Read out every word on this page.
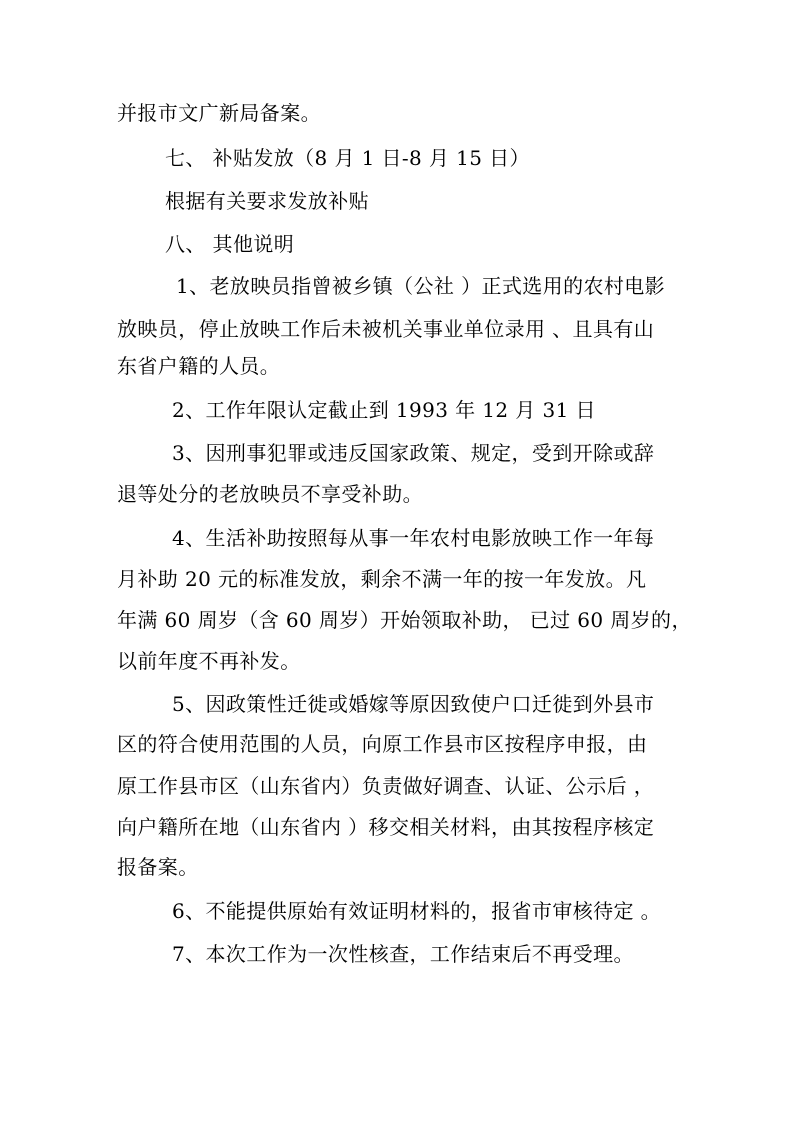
并报市文广新局备案。
七、 补贴发放（8 月 1 日-8 月 15 日）
根据有关要求发放补贴
八、 其他说明
1、老放映员指曾被乡镇（公社 ）正式选用的农村电影
放映员，停止放映工作后未被机关事业单位录用 、且具有山
东省户籍的人员。
2、工作年限认定截止到 1993 年 12 月 31 日
3、因刑事犯罪或违反国家政策、规定，受到开除或辞
退等处分的老放映员不享受补助。
4、生活补助按照每从事一年农村电影放映工作一年每
月补助 20 元的标准发放，剩余不满一年的按一年发放。凡
年满 60 周岁（含 60 周岁）开始领取补助， 已过 60 周岁的，
以前年度不再补发。
5、因政策性迁徙或婚嫁等原因致使户口迁徙到外县市
区的符合使用范围的人员，向原工作县市区按程序申报，由
原工作县市区（山东省内）负责做好调查、认证、公示后 ，
向户籍所在地（山东省内 ）移交相关材料，由其按程序核定
报备案。
6、不能提供原始有效证明材料的，报省市审核待定 。
7、本次工作为一次性核查，工作结束后不再受理。
